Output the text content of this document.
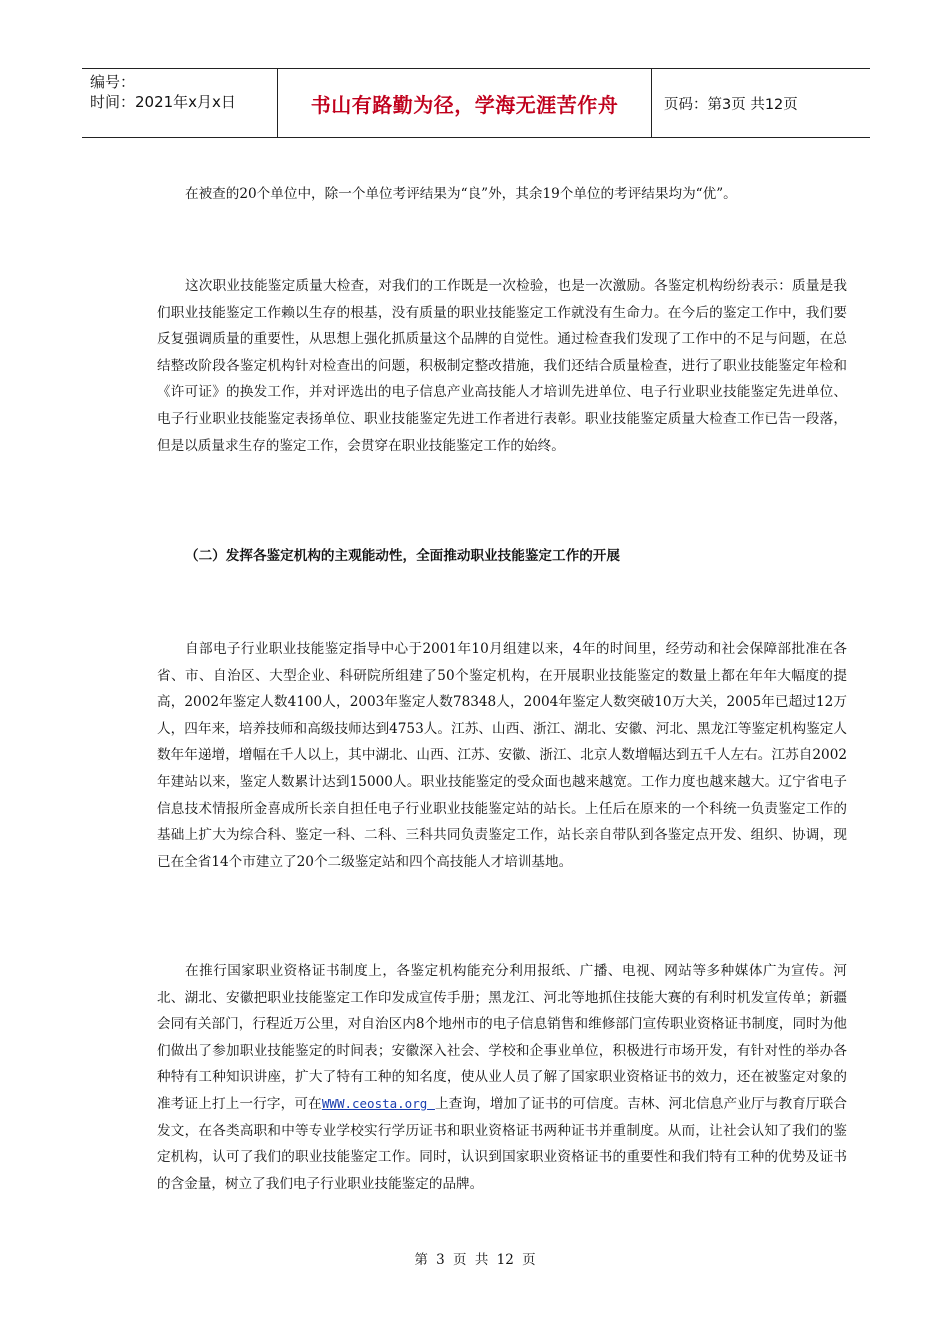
编号：
时间：2021年x月x日	书山有路勤为径，学海无涯苦作舟	页码：第3页 共12页

在被查的20个单位中，除一个单位考评结果为“良”外，其余19个单位的考评结果均为“优”。

这次职业技能鉴定质量大检查，对我们的工作既是一次检验，也是一次激励。各鉴定机构纷纷表示：质量是我们职业技能鉴定工作赖以生存的根基，没有质量的职业技能鉴定工作就没有生命力。在今后的鉴定工作中，我们要反复强调质量的重要性，从思想上强化抓质量这个品牌的自觉性。通过检查我们发现了工作中的不足与问题，在总结整改阶段各鉴定机构针对检查出的问题，积极制定整改措施，我们还结合质量检查，进行了职业技能鉴定年检和《许可证》的换发工作，并对评选出的电子信息产业高技能人才培训先进单位、电子行业职业技能鉴定先进单位、电子行业职业技能鉴定表扬单位、职业技能鉴定先进工作者进行表彰。职业技能鉴定质量大检查工作已告一段落，但是以质量求生存的鉴定工作，会贯穿在职业技能鉴定工作的始终。

（二）发挥各鉴定机构的主观能动性，全面推动职业技能鉴定工作的开展

自部电子行业职业技能鉴定指导中心于2001年10月组建以来，4年的时间里，经劳动和社会保障部批准在各省、市、自治区、大型企业、科研院所组建了50个鉴定机构，在开展职业技能鉴定的数量上都在年年大幅度的提高，2002年鉴定人数4100人，2003年鉴定人数78348人，2004年鉴定人数突破10万大关，2005年已超过12万人，四年来，培养技师和高级技师达到4753人。江苏、山西、浙江、湖北、安徽、河北、黑龙江等鉴定机构鉴定人数年年递增，增幅在千人以上，其中湖北、山西、江苏、安徽、浙江、北京人数增幅达到五千人左右。江苏自2002年建站以来，鉴定人数累计达到15000人。职业技能鉴定的受众面也越来越宽。工作力度也越来越大。辽宁省电子信息技术情报所金喜成所长亲自担任电子行业职业技能鉴定站的站长。上任后在原来的一个科统一负责鉴定工作的基础上扩大为综合科、鉴定一科、二科、三科共同负责鉴定工作，站长亲自带队到各鉴定点开发、组织、协调，现已在全省14个市建立了20个二级鉴定站和四个高技能人才培训基地。

在推行国家职业资格证书制度上，各鉴定机构能充分利用报纸、广播、电视、网站等多种媒体广为宣传。河北、湖北、安徽把职业技能鉴定工作印发成宣传手册；黑龙江、河北等地抓住技能大赛的有利时机发宣传单；新疆会同有关部门，行程近万公里，对自治区内8个地州市的电子信息销售和维修部门宣传职业资格证书制度，同时为他们做出了参加职业技能鉴定的时间表；安徽深入社会、学校和企事业单位，积极进行市场开发，有针对性的举办各种特有工种知识讲座，扩大了特有工种的知名度，使从业人员了解了国家职业资格证书的效力，还在被鉴定对象的准考证上打上一行字，可在WWW.ceosta.org 上查询，增加了证书的可信度。吉林、河北信息产业厅与教育厅联合发文，在各类高职和中等专业学校实行学历证书和职业资格证书两种证书并重制度。从而，让社会认知了我们的鉴定机构，认可了我们的职业技能鉴定工作。同时，认识到国家职业资格证书的重要性和我们特有工种的优势及证书的含金量，树立了我们电子行业职业技能鉴定的品牌。

第 3 页 共 12 页
